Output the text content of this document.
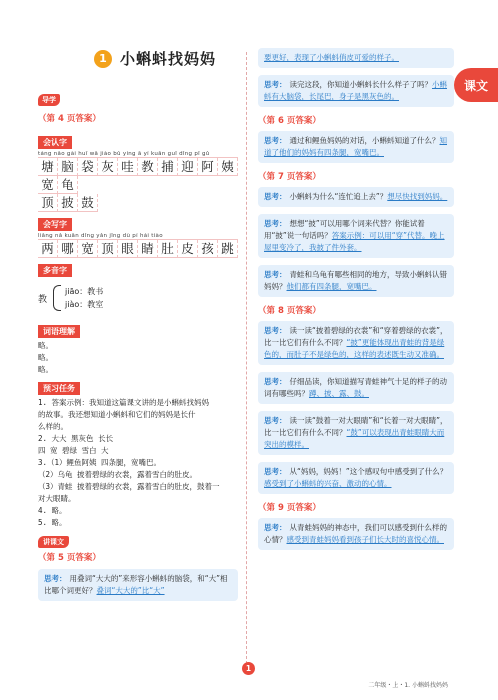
课文
1 小蝌蚪找妈妈
导学
（第 4 页答案）
会认字
táng nǎo ɡài huī wā jiào bǔ yínɡ ā yí kuān ɡuī dǐnɡ pī ɡǔ
塘 脑 袋 灰 哇 教 捕 迎 阿 姨
宽 龟
顶 披 鼓
会写字
liǎnɡ nǎ kuān dǐnɡ yǎn jīnɡ dù pí hái tiào
两 哪 宽 顶 眼 睛 肚 皮 孩 跳
多音字
教
jiāo：教书
jiào：教室
词语理解
略。
略。
略。
预习任务
1. 答案示例：我知道这篇课文讲的是小蝌蚪找妈妈
的故事。我还想知道小蝌蚪和它们的妈妈是长什
么样的。
2. 大大 黑灰色 长长
四 宽 碧绿 雪白 大
3.（1）鲤鱼阿姨 四条腿，宽嘴巴。
（2）乌龟 披着碧绿的衣裳，露着雪白的肚皮。
（3）青蛙 披着碧绿的衣裳，露着雪白的肚皮，鼓着一
对大眼睛。
4. 略。
5. 略。
讲课文
（第 5 页答案）
思考： 用叠词“大大的”来形容小蝌蚪的脑袋，和“大”相比哪个词更好？叠词“大大的”比“大”
要更好，表现了小蝌蚪俏皮可爱的样子。
思考： 读完这段，你知道小蝌蚪长什么样子了吗？小蝌蚪有大脑袋，长尾巴，身子是黑灰色的。
（第 6 页答案）
思考： 通过和鲤鱼妈妈的对话，小蝌蚪知道了什么？知道了他们的妈妈有四条腿，宽嘴巴。
（第 7 页答案）
思考： 小蝌蚪为什么“连忙追上去”？想尽快找到妈妈。
思考： 想想“披”可以用哪个词来代替？你能试着用“披”说一句话吗？答案示例：可以用“穿”代替。晚上屋里变冷了，我披了件外套。
思考： 青蛙和乌龟有哪些相同的地方，导致小蝌蚪认错妈妈？他们都有四条腿，宽嘴巴。
（第 8 页答案）
思考： 读一读“披着碧绿的衣裳”和“穿着碧绿的衣裳”，比一比它们有什么不同？“披”更能体现出青蛙的背是绿色的，而肚子不是绿色的，这样的表述既生动又准确。
思考： 仔细品读，你知道描写青蛙神气十足的样子的动词有哪些吗？蹲、披、露、鼓。
思考： 读一读“鼓着一对大眼睛”和“长着一对大眼睛”，比一比它们有什么不同？“鼓”可以表现出青蛙眼睛大而突出的模样。
思考： 从“妈妈，妈妈！”这个感叹句中感受到了什么？感受到了小蝌蚪的兴奋、激动的心情。
（第 9 页答案）
思考： 从青蛙妈妈的神态中，我们可以感受到什么样的心情？感受到青蛙妈妈看到孩子们长大时的喜悦心情。
1
二年级・上・1. 小蝌蚪找妈妈
